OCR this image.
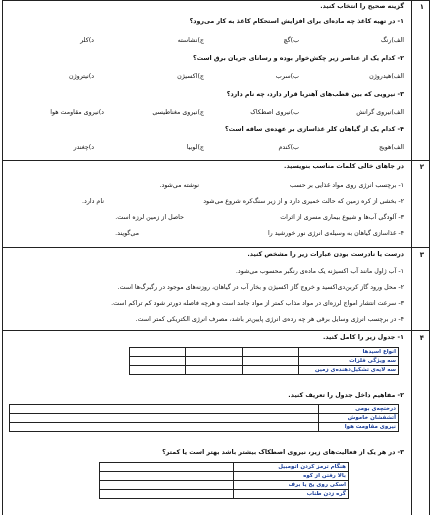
۱
۲
۳
۴
گزینه صحیح را انتخاب کنید.
۱- در تهیه کاغذ چه ماده‌ای برای افزایش استحکام کاغذ به کار می‌رود؟
الف)رنگ
ب)گچ
ج)نشاسته
د)کلر
۲- کدام یک از عناصر زیر چکش‌خوار بوده و رسانای جریان برق است؟
الف)هیدروژن
ب)سرب
ج)اکسیژن
د)نیتروژن
۳- نیرویی که بین قطب‌های آهنربا قرار دارد، چه نام دارد؟
الف)نیروی گرانش
ب)نیروی اصطکاک
ج)نیروی مغناطیسی
د)نیروی مقاومت هوا
۴- کدام یک از گیاهان کلر غذاسازی بر عهده‌ی ساقه است؟
الف)هویج
ب)کندم
ج)لوبیا
د)چغندر
در جاهای خالی کلمات مناسب بنویسید.
۱- برچسب انرژی روی مواد غذایی بر حسب
نوشته می‌شود.
۲- بخشی از کره زمین که حالت خمیری دارد و از زیر سنگ‌کره شروع می‌شود
نام دارد.
۳- آلودگی آب‌ها و شیوع بیماری مسری از اثرات
حاصل از زمین لرزه است.
۴- غذاسازی گیاهان به وسیله‌ی انرژی نور خورشید را
می‌گویند.
درست یا نادرست بودن عبارات زیر را مشخص کنید.
۱- آب ژاول مانند آب اکسیژنه یک ماده‌ی رنگبر محسوب می‌شود.
۲- محل ورود گاز کربن‌دی‌اکسید و خروج گاز اکسیژن و بخار آب در گیاهان، روزنه‌های موجود در رگبرگ‌ها است.
۳- سرعت انتشار امواج لرزه‌ای در مواد مذاب کمتر از مواد جامد است و هرچه فاصله دورتر شود کم تراکم است.
۴- در برچسب انرژی وسایل برقی هر چه رده‌ی انرژی پایین‌تر باشد، مصرف انرژی الکتریکی کمتر است.
۱- جدول زیر را کامل کنید.
انواع اسیدها			
سه ویژگی فلزات			
سه لایه‌ی تشکیل‌دهنده‌ی زمین			
۲- مفاهیم داخل جدول را تعریف کنید.
درختچه‌ی بومی	
آتشفشان خاموش	
نیروی مقاومت هوا	
۳- در هر یک از فعالیت‌های زیر، نیروی اصطکاک بیشتر باشد بهتر است یا کمتر؟
هنگام ترمز کردن اتومبیل	
بالا رفتن از کوه	
اسکی روی یخ یا برف	
گره زدن طناب	
